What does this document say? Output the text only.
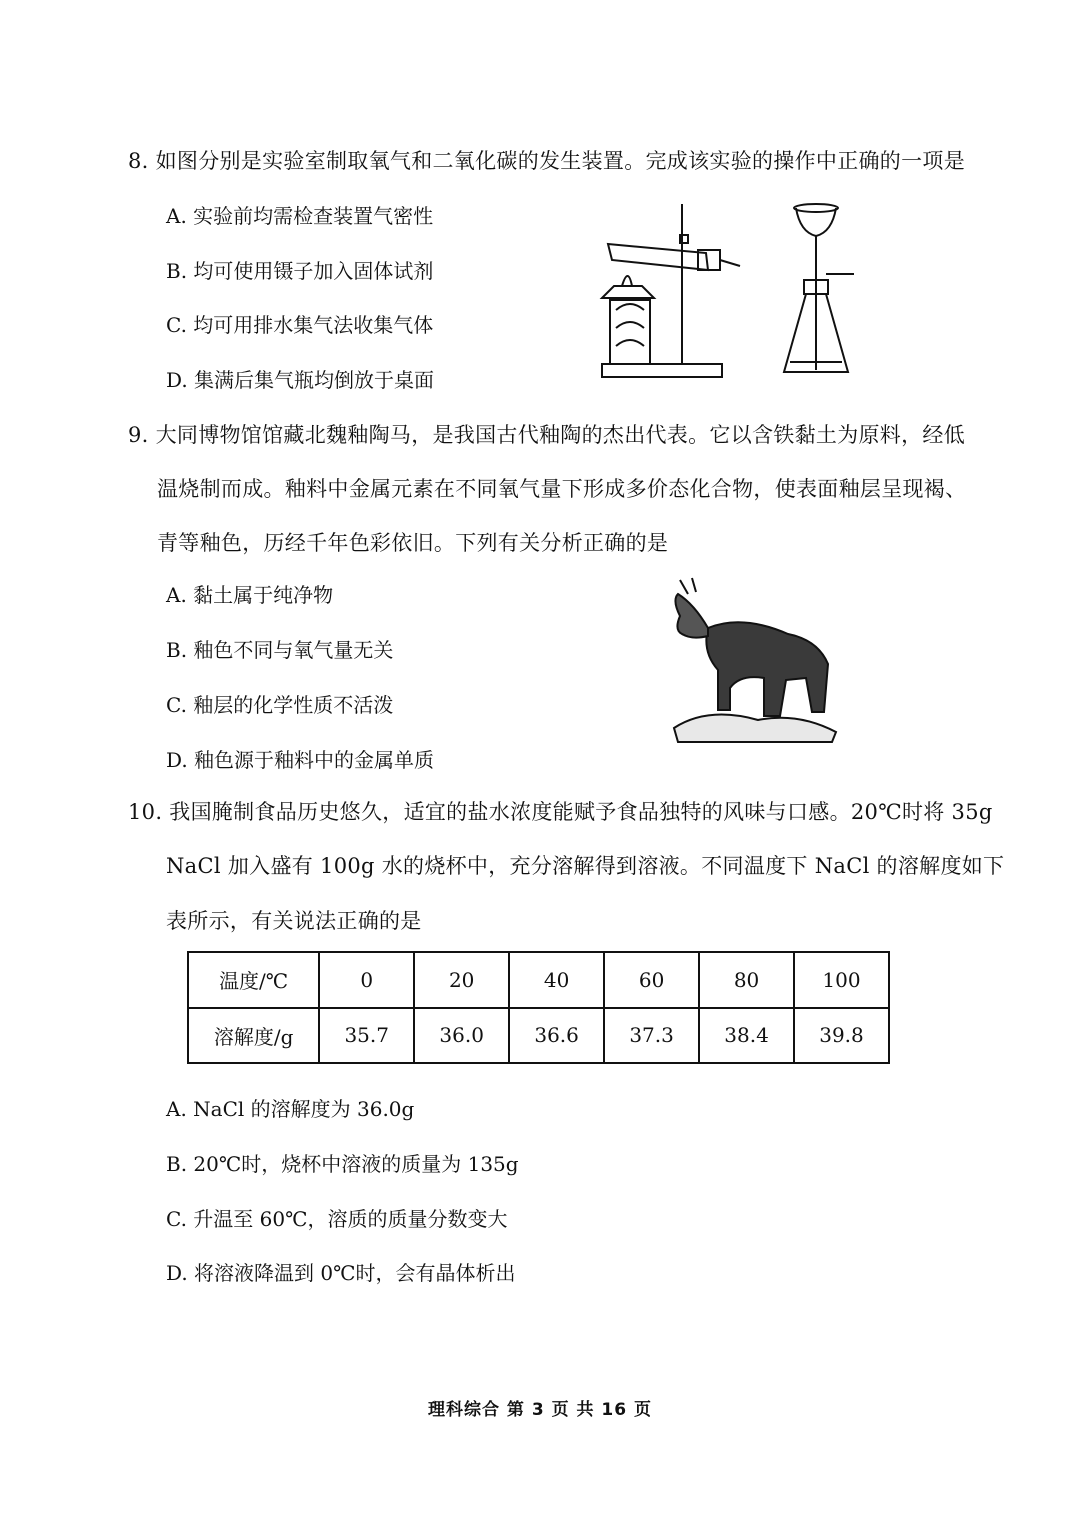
8. 如图分别是实验室制取氧气和二氧化碳的发生装置。完成该实验的操作中正确的一项是
A. 实验前均需检查装置气密性
B. 均可使用镊子加入固体试剂
C. 均可用排水集气法收集气体
D. 集满后集气瓶均倒放于桌面
9. 大同博物馆馆藏北魏釉陶马，是我国古代釉陶的杰出代表。它以含铁黏土为原料，经低
温烧制而成。釉料中金属元素在不同氧气量下形成多价态化合物，使表面釉层呈现褐、
青等釉色，历经千年色彩依旧。下列有关分析正确的是
A. 黏土属于纯净物
B. 釉色不同与氧气量无关
C. 釉层的化学性质不活泼
D. 釉色源于釉料中的金属单质
10. 我国腌制食品历史悠久，适宜的盐水浓度能赋予食品独特的风味与口感。20℃时将 35g
NaCl 加入盛有 100g 水的烧杯中，充分溶解得到溶液。不同温度下 NaCl 的溶解度如下
表所示，有关说法正确的是
温度/℃	0	20	40	60	80	100
溶解度/g	35.7	36.0	36.6	37.3	38.4	39.8
A. NaCl 的溶解度为 36.0g
B. 20℃时，烧杯中溶液的质量为 135g
C. 升温至 60℃，溶质的质量分数变大
D. 将溶液降温到 0℃时，会有晶体析出
理科综合 第 3 页 共 16 页
